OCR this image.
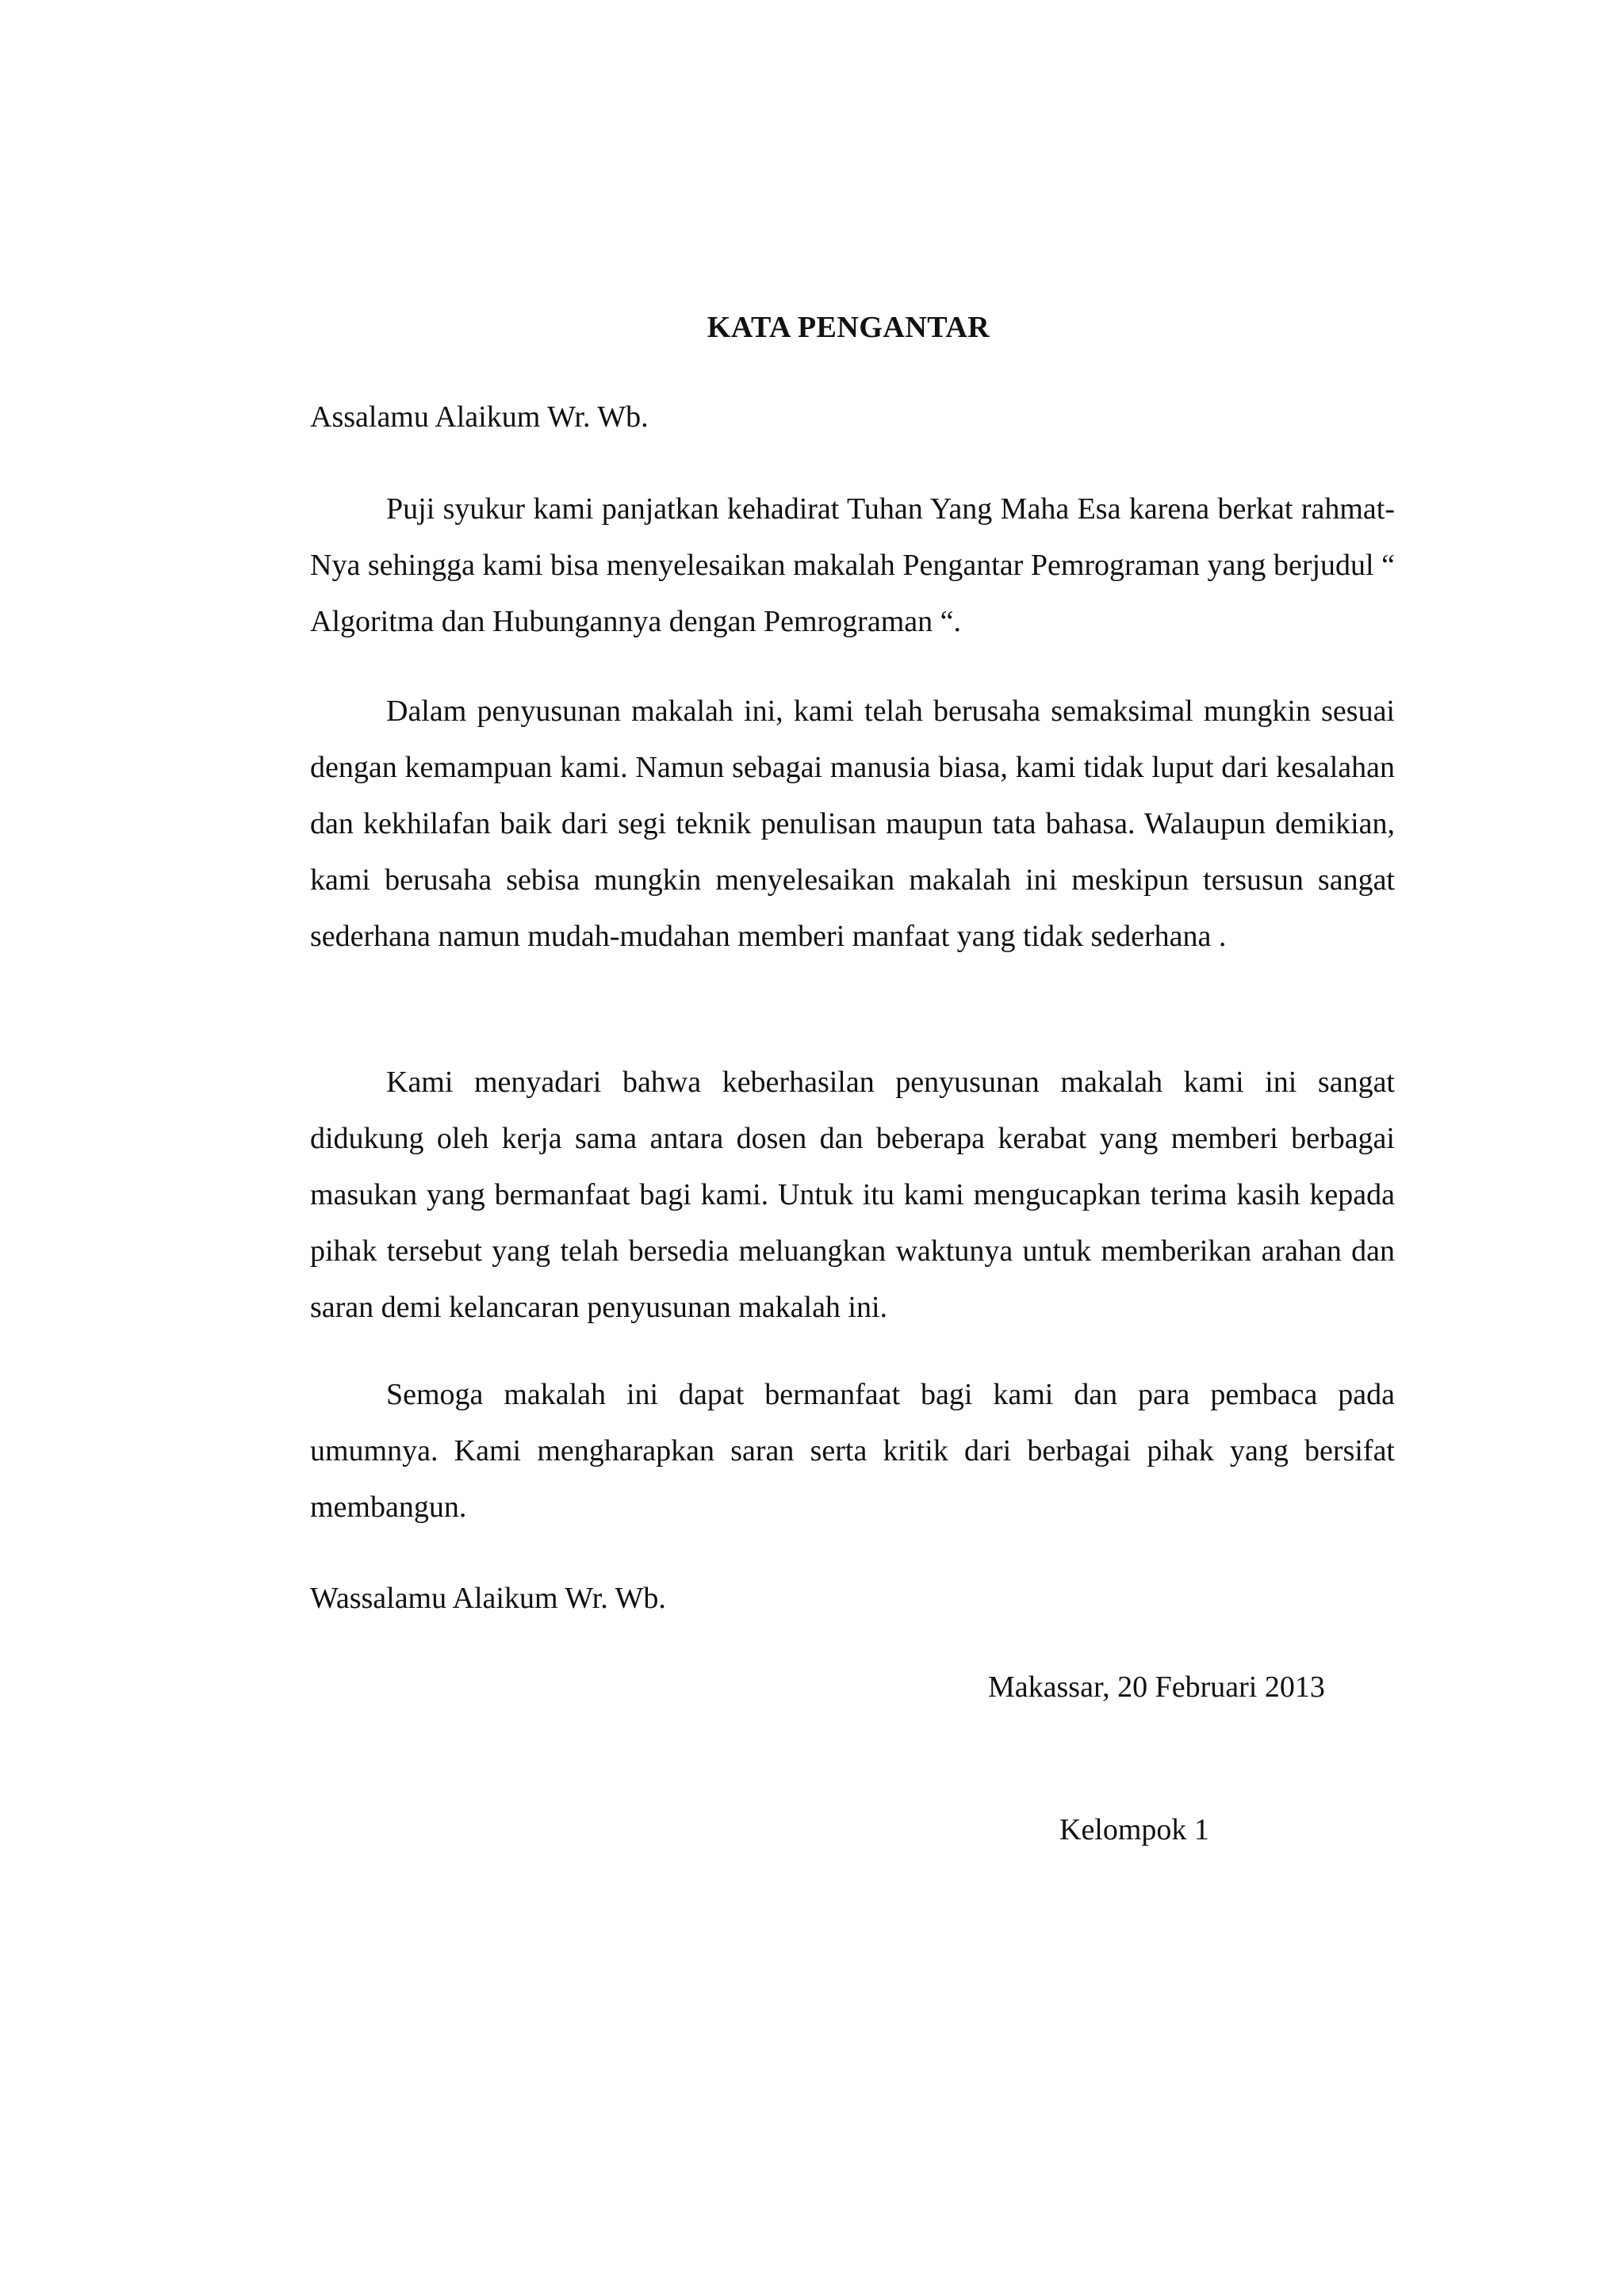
KATA PENGANTAR
Assalamu Alaikum Wr. Wb.

Puji syukur kami panjatkan kehadirat Tuhan Yang Maha Esa karena berkat rahmat-Nya sehingga kami bisa menyelesaikan makalah Pengantar Pemrograman yang berjudul “ Algoritma dan Hubungannya dengan Pemrograman “.

Dalam penyusunan makalah ini, kami telah berusaha semaksimal mungkin sesuai dengan kemampuan kami. Namun sebagai manusia biasa, kami tidak luput dari kesalahan dan kekhilafan baik dari segi teknik penulisan maupun tata bahasa. Walaupun demikian, kami berusaha sebisa mungkin menyelesaikan makalah ini meskipun tersusun sangat sederhana namun mudah-mudahan memberi manfaat yang tidak sederhana .

Kami menyadari bahwa keberhasilan penyusunan makalah kami ini sangat didukung oleh kerja sama antara dosen dan beberapa kerabat yang memberi berbagai masukan yang bermanfaat bagi kami. Untuk itu kami mengucapkan terima kasih kepada pihak tersebut yang telah bersedia meluangkan waktunya untuk memberikan arahan dan saran demi kelancaran penyusunan makalah ini.

Semoga makalah ini dapat bermanfaat bagi kami dan para pembaca pada umumnya. Kami mengharapkan saran serta kritik dari berbagai pihak yang bersifat membangun.

Wassalamu Alaikum Wr. Wb.
Makassar, 20 Februari 2013
Kelompok 1
